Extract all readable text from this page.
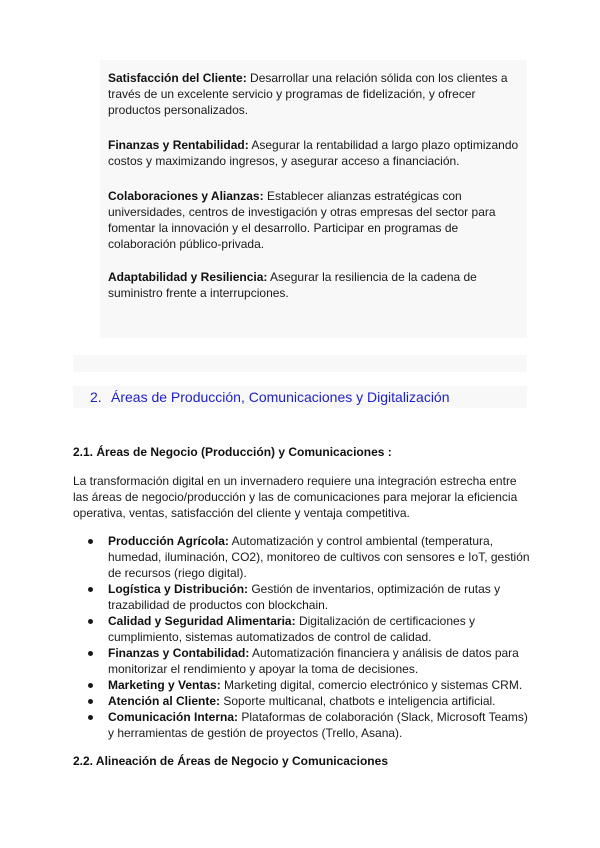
Satisfacción del Cliente: Desarrollar una relación sólida con los clientes a través de un excelente servicio y programas de fidelización, y ofrecer productos personalizados.

Finanzas y Rentabilidad: Asegurar la rentabilidad a largo plazo optimizando costos y maximizando ingresos, y asegurar acceso a financiación.

Colaboraciones y Alianzas: Establecer alianzas estratégicas con universidades, centros de investigación y otras empresas del sector para fomentar la innovación y el desarrollo. Participar en programas de colaboración público-privada.

Adaptabilidad y Resiliencia: Asegurar la resiliencia de la cadena de suministro frente a interrupciones.

2. Áreas de Producción, Comunicaciones y Digitalización
2.1. Áreas de Negocio (Producción) y Comunicaciones :

La transformación digital en un invernadero requiere una integración estrecha entre las áreas de negocio/producción y las de comunicaciones para mejorar la eficiencia operativa, ventas, satisfacción del cliente y ventaja competitiva.

Producción Agrícola: Automatización y control ambiental (temperatura, humedad, iluminación, CO2), monitoreo de cultivos con sensores e IoT, gestión de recursos (riego digital).
Logística y Distribución: Gestión de inventarios, optimización de rutas y trazabilidad de productos con blockchain.
Calidad y Seguridad Alimentaria: Digitalización de certificaciones y cumplimiento, sistemas automatizados de control de calidad.
Finanzas y Contabilidad: Automatización financiera y análisis de datos para monitorizar el rendimiento y apoyar la toma de decisiones.
Marketing y Ventas: Marketing digital, comercio electrónico y sistemas CRM.
Atención al Cliente: Soporte multicanal, chatbots e inteligencia artificial.
Comunicación Interna: Plataformas de colaboración (Slack, Microsoft Teams) y herramientas de gestión de proyectos (Trello, Asana).
2.2. Alineación de Áreas de Negocio y Comunicaciones
